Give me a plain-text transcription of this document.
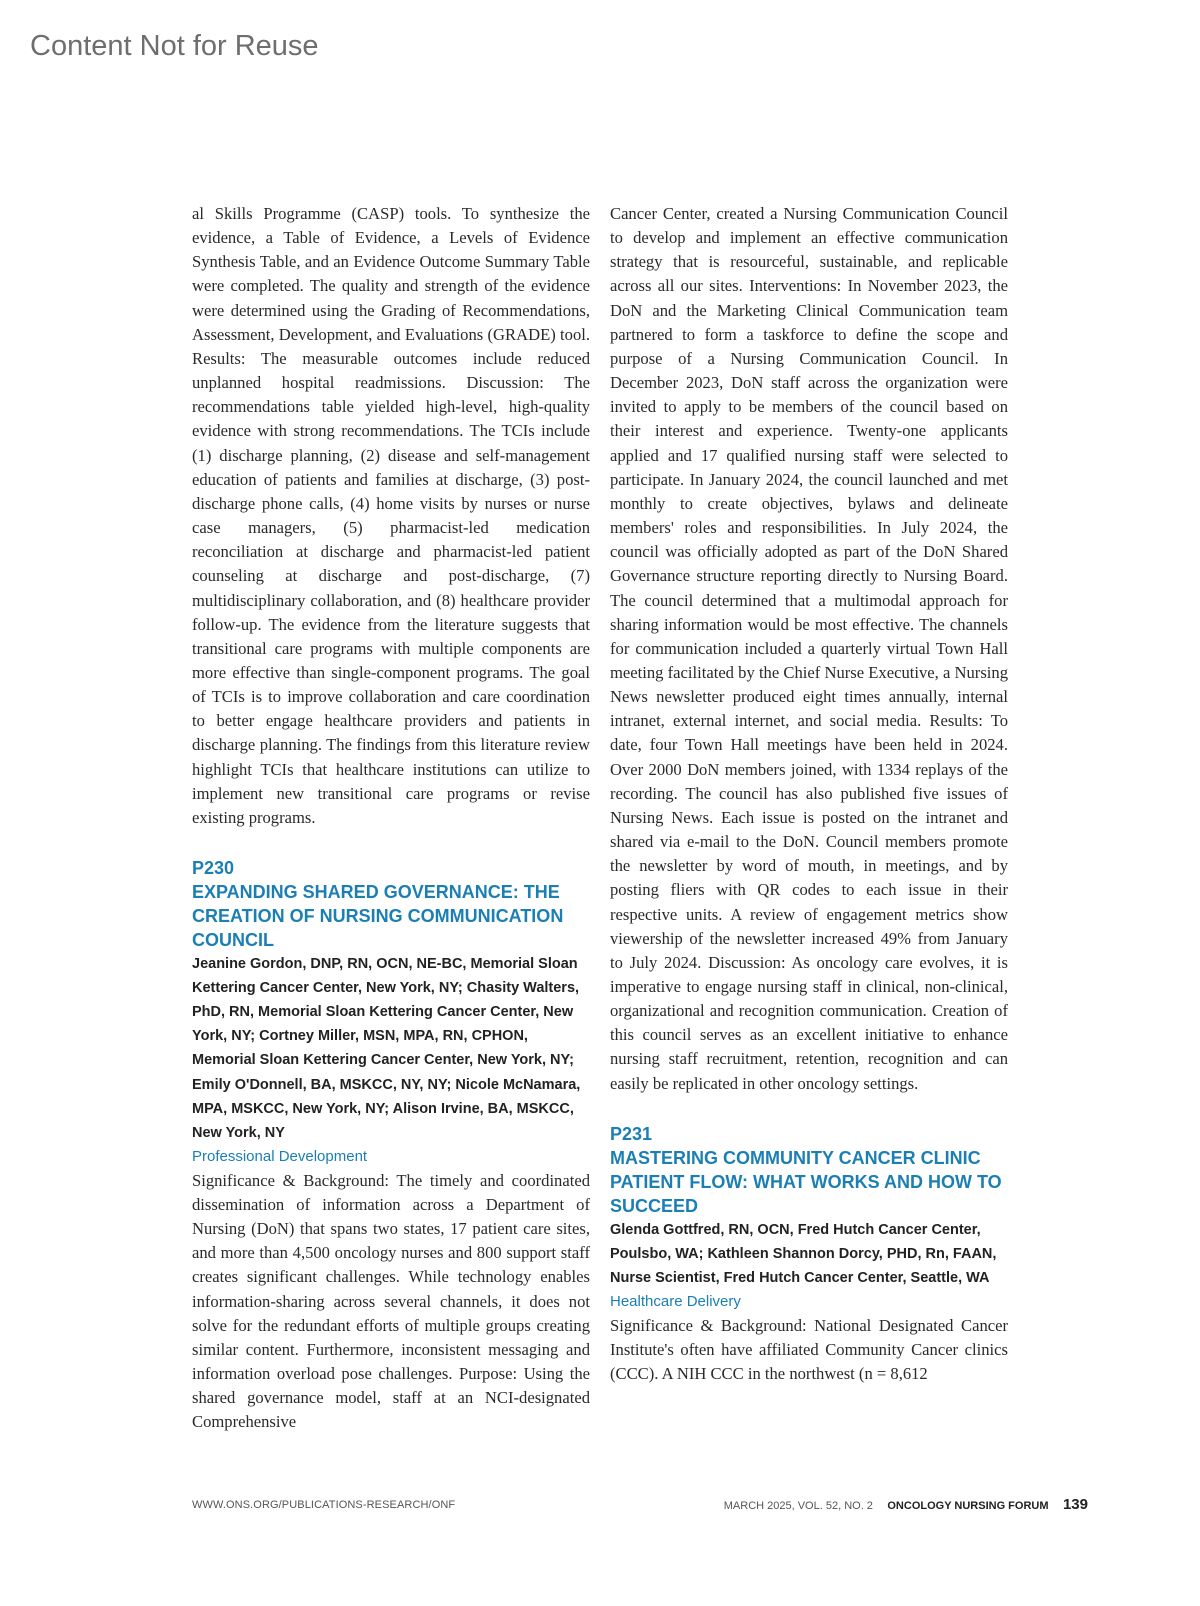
Content Not for Reuse

al Skills Programme (CASP) tools. To synthesize the evidence, a Table of Evidence, a Levels of Evidence Synthesis Table, and an Evidence Outcome Summary Table were completed. The quality and strength of the evidence were determined using the Grading of Recommendations, Assessment, Development, and Evaluations (GRADE) tool. Results: The measurable outcomes include reduced unplanned hospital readmissions. Discussion: The recommendations table yielded high-level, high-quality evidence with strong recommendations. The TCIs include (1) discharge planning, (2) disease and self-management education of patients and families at discharge, (3) post-discharge phone calls, (4) home visits by nurses or nurse case managers, (5) pharmacist-led medication reconciliation at discharge and pharmacist-led patient counseling at discharge and post-discharge, (7) multidisciplinary collaboration, and (8) healthcare provider follow-up. The evidence from the literature suggests that transitional care programs with multiple components are more effective than single-component programs. The goal of TCIs is to improve collaboration and care coordination to better engage healthcare providers and patients in discharge planning. The findings from this literature review highlight TCIs that healthcare institutions can utilize to implement new transitional care programs or revise existing programs.

P230
EXPANDING SHARED GOVERNANCE: THE CREATION OF NURSING COMMUNICATION COUNCIL
Jeanine Gordon, DNP, RN, OCN, NE-BC, Memorial Sloan Kettering Cancer Center, New York, NY; Chasity Walters, PhD, RN, Memorial Sloan Kettering Cancer Center, New York, NY; Cortney Miller, MSN, MPA, RN, CPHON, Memorial Sloan Kettering Cancer Center, New York, NY; Emily O'Donnell, BA, MSKCC, NY, NY; Nicole McNamara, MPA, MSKCC, New York, NY; Alison Irvine, BA, MSKCC, New York, NY
Professional Development

Significance & Background: The timely and coordinated dissemination of information across a Department of Nursing (DoN) that spans two states, 17 patient care sites, and more than 4,500 oncology nurses and 800 support staff creates significant challenges. While technology enables information-sharing across several channels, it does not solve for the redundant efforts of multiple groups creating similar content. Furthermore, inconsistent messaging and information overload pose challenges. Purpose: Using the shared governance model, staff at an NCI-designated Comprehensive

Cancer Center, created a Nursing Communication Council to develop and implement an effective communication strategy that is resourceful, sustainable, and replicable across all our sites. Interventions: In November 2023, the DoN and the Marketing Clinical Communication team partnered to form a taskforce to define the scope and purpose of a Nursing Communication Council. In December 2023, DoN staff across the organization were invited to apply to be members of the council based on their interest and experience. Twenty-one applicants applied and 17 qualified nursing staff were selected to participate. In January 2024, the council launched and met monthly to create objectives, bylaws and delineate members' roles and responsibilities. In July 2024, the council was officially adopted as part of the DoN Shared Governance structure reporting directly to Nursing Board. The council determined that a multimodal approach for sharing information would be most effective. The channels for communication included a quarterly virtual Town Hall meeting facilitated by the Chief Nurse Executive, a Nursing News newsletter produced eight times annually, internal intranet, external internet, and social media. Results: To date, four Town Hall meetings have been held in 2024. Over 2000 DoN members joined, with 1334 replays of the recording. The council has also published five issues of Nursing News. Each issue is posted on the intranet and shared via e-mail to the DoN. Council members promote the newsletter by word of mouth, in meetings, and by posting fliers with QR codes to each issue in their respective units. A review of engagement metrics show viewership of the newsletter increased 49% from January to July 2024. Discussion: As oncology care evolves, it is imperative to engage nursing staff in clinical, non-clinical, organizational and recognition communication. Creation of this council serves as an excellent initiative to enhance nursing staff recruitment, retention, recognition and can easily be replicated in other oncology settings.

P231
MASTERING COMMUNITY CANCER CLINIC PATIENT FLOW: WHAT WORKS AND HOW TO SUCCEED
Glenda Gottfred, RN, OCN, Fred Hutch Cancer Center, Poulsbo, WA; Kathleen Shannon Dorcy, PHD, Rn, FAAN, Nurse Scientist, Fred Hutch Cancer Center, Seattle, WA
Healthcare Delivery

Significance & Background: National Designated Cancer Institute's often have affiliated Community Cancer clinics (CCC). A NIH CCC in the northwest (n = 8,612

WWW.ONS.ORG/PUBLICATIONS-RESEARCH/ONF	MARCH 2025, VOL. 52, NO. 2 ONCOLOGY NURSING FORUM 139
